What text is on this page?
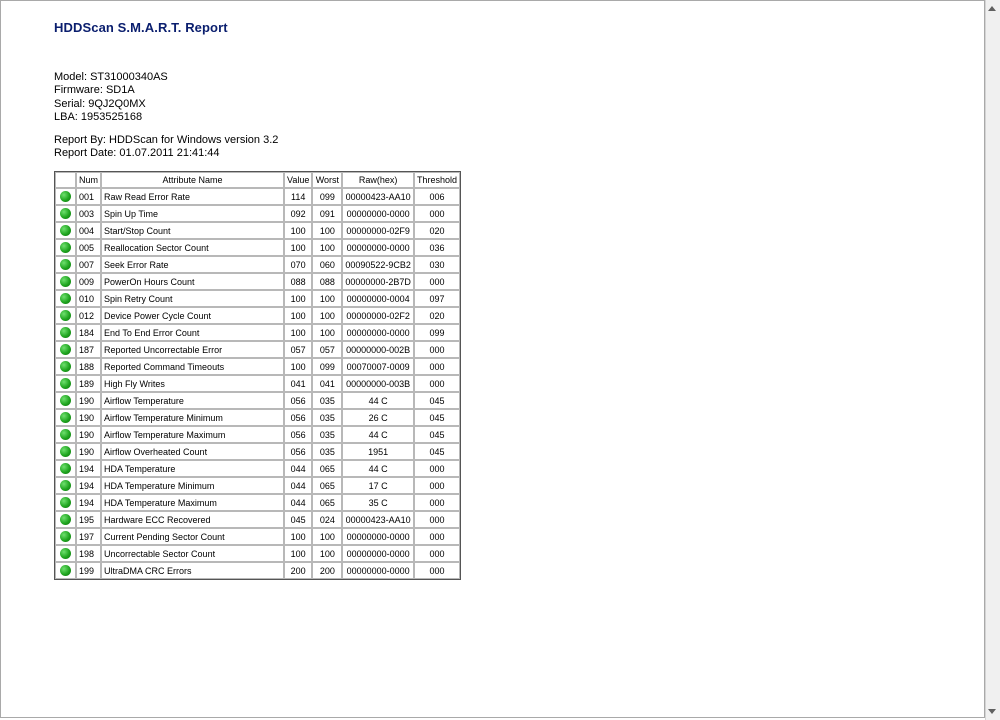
HDDScan S.M.A.R.T. Report
Model: ST31000340AS
Firmware: SD1A
Serial: 9QJ2Q0MX
LBA: 1953525168
Report By: HDDScan for Windows version 3.2
Report Date: 01.07.2011 21:41:44
	Num	Attribute Name	Value	Worst	Raw(hex)	Threshold
	001	Raw Read Error Rate	114	099	00000423-AA10	006
	003	Spin Up Time	092	091	00000000-0000	000
	004	Start/Stop Count	100	100	00000000-02F9	020
	005	Reallocation Sector Count	100	100	00000000-0000	036
	007	Seek Error Rate	070	060	00090522-9CB2	030
	009	PowerOn Hours Count	088	088	00000000-2B7D	000
	010	Spin Retry Count	100	100	00000000-0004	097
	012	Device Power Cycle Count	100	100	00000000-02F2	020
	184	End To End Error Count	100	100	00000000-0000	099
	187	Reported Uncorrectable Error	057	057	00000000-002B	000
	188	Reported Command Timeouts	100	099	00070007-0009	000
	189	High Fly Writes	041	041	00000000-003B	000
	190	Airflow Temperature	056	035	44 C	045
	190	Airflow Temperature Minimum	056	035	26 C	045
	190	Airflow Temperature Maximum	056	035	44 C	045
	190	Airflow Overheated Count	056	035	1951	045
	194	HDA Temperature	044	065	44 C	000
	194	HDA Temperature Minimum	044	065	17 C	000
	194	HDA Temperature Maximum	044	065	35 C	000
	195	Hardware ECC Recovered	045	024	00000423-AA10	000
	197	Current Pending Sector Count	100	100	00000000-0000	000
	198	Uncorrectable Sector Count	100	100	00000000-0000	000
	199	UltraDMA CRC Errors	200	200	00000000-0000	000
